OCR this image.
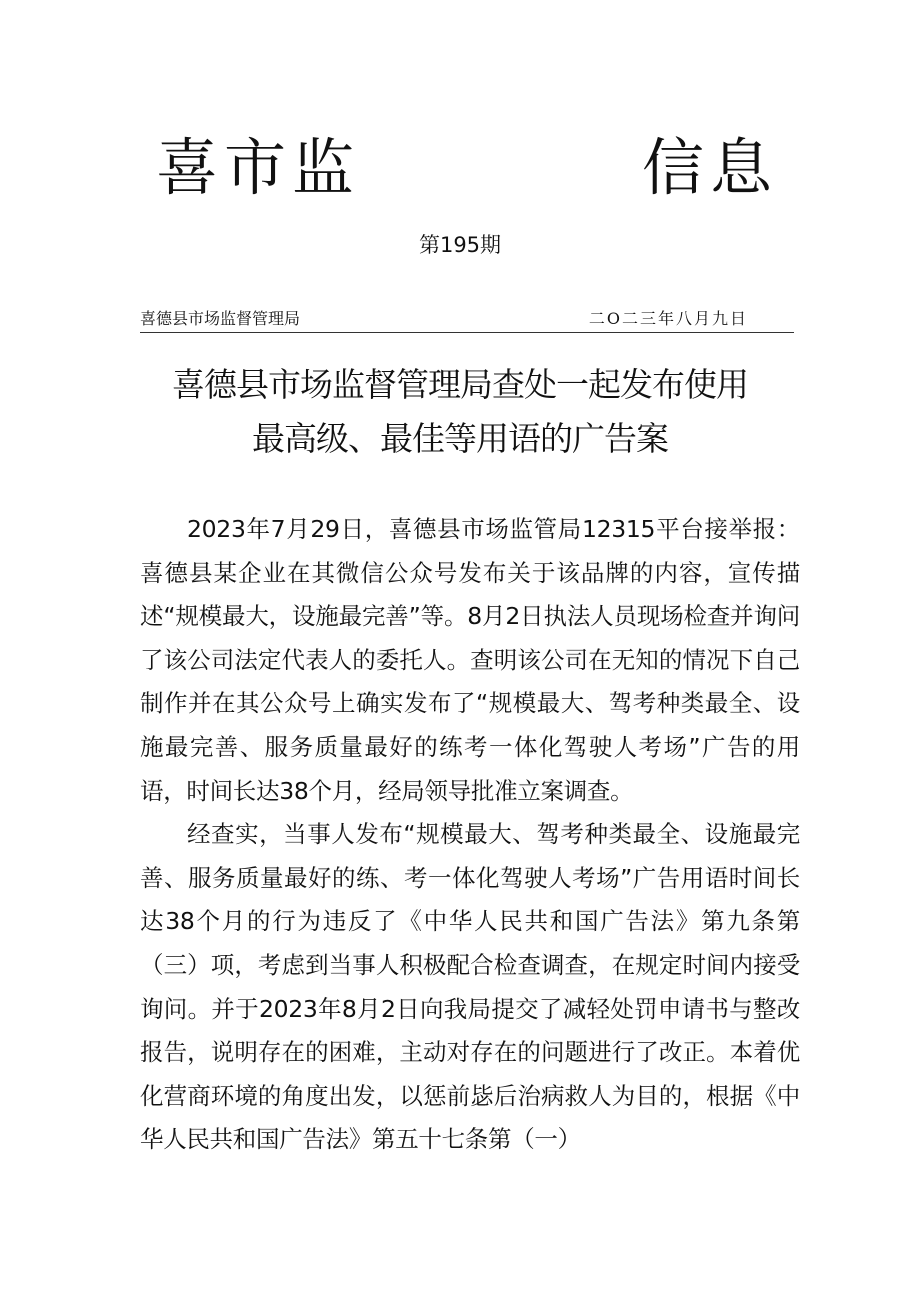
喜市监	信息
第195期
喜德县市场监督管理局	二O二三年八月九日
喜德县市场监督管理局查处一起发布使用
最高级、最佳等用语的广告案

2023年7月29日，喜德县市场监管局12315平台接举报：喜德县某企业在其微信公众号发布关于该品牌的内容，宣传描述“规模最大，设施最完善”等。8月2日执法人员现场检查并询问了该公司法定代表人的委托人。查明该公司在无知的情况下自己制作并在其公众号上确实发布了“规模最大、驾考种类最全、设施最完善、服务质量最好的练考一体化驾驶人考场”广告的用语，时间长达38个月，经局领导批准立案调查。

经查实，当事人发布“规模最大、驾考种类最全、设施最完善、服务质量最好的练、考一体化驾驶人考场”广告用语时间长达38个月的行为违反了《中华人民共和国广告法》第九条第（三）项，考虑到当事人积极配合检查调查，在规定时间内接受询问。并于2023年8月2日向我局提交了减轻处罚申请书与整改报告，说明存在的困难，主动对存在的问题进行了改正。本着优化营商环境的角度出发，以惩前毖后治病救人为目的，根据《中华人民共和国广告法》第五十七条第（一）
